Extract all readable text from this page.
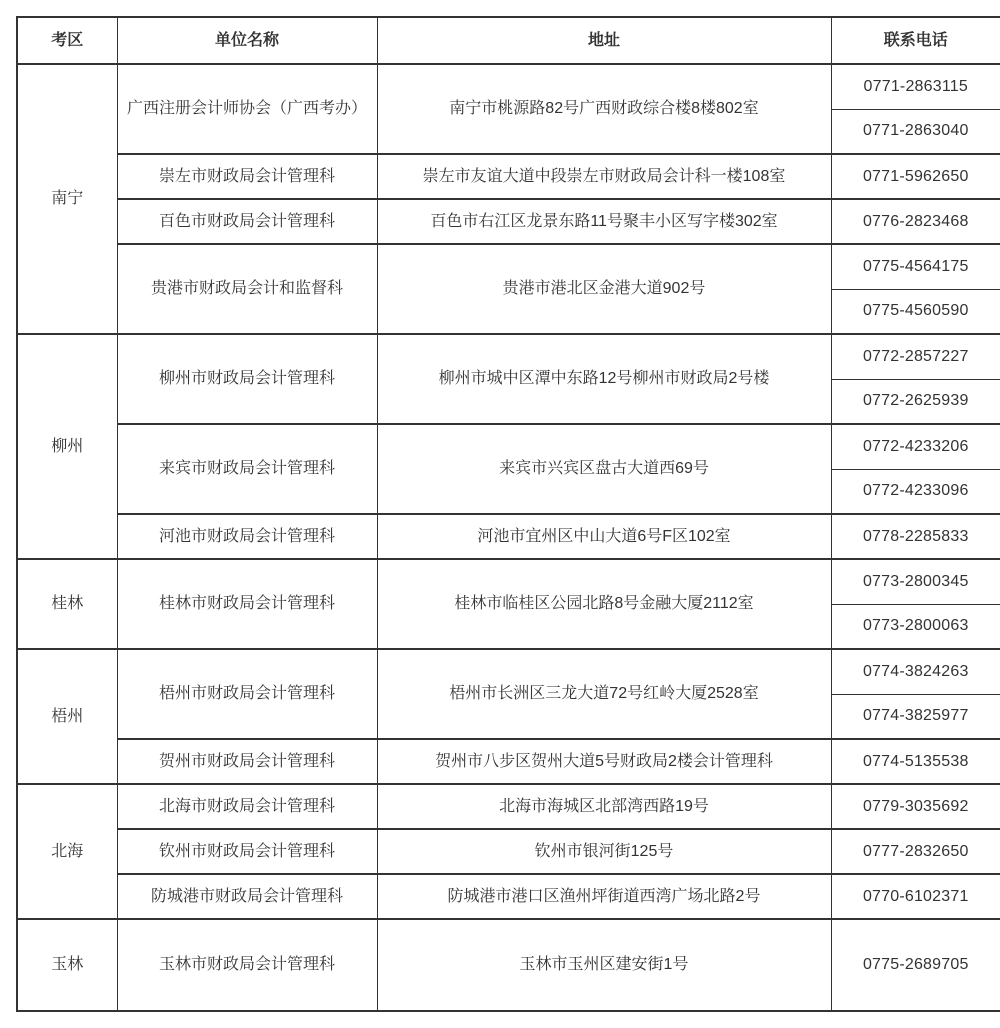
考区	单位名称	地址	联系电话
南宁	广西注册会计师协会（广西考办）	南宁市桃源路82号广西财政综合楼8楼802室	0771-2863115
			0771-2863040
	崇左市财政局会计管理科	崇左市友谊大道中段崇左市财政局会计科一楼108室	0771-5962650
	百色市财政局会计管理科	百色市右江区龙景东路11号聚丰小区写字楼302室	0776-2823468
	贵港市财政局会计和监督科	贵港市港北区金港大道902号	0775-4564175
			0775-4560590
柳州	柳州市财政局会计管理科	柳州市城中区潭中东路12号柳州市财政局2号楼	0772-2857227
			0772-2625939
	来宾市财政局会计管理科	来宾市兴宾区盘古大道西69号	0772-4233206
			0772-4233096
	河池市财政局会计管理科	河池市宜州区中山大道6号F区102室	0778-2285833
桂林	桂林市财政局会计管理科	桂林市临桂区公园北路8号金融大厦2112室	0773-2800345
			0773-2800063
梧州	梧州市财政局会计管理科	梧州市长洲区三龙大道72号红岭大厦2528室	0774-3824263
			0774-3825977
	贺州市财政局会计管理科	贺州市八步区贺州大道5号财政局2楼会计管理科	0774-5135538
北海	北海市财政局会计管理科	北海市海城区北部湾西路19号	0779-3035692
	钦州市财政局会计管理科	钦州市银河街125号	0777-2832650
	防城港市财政局会计管理科	防城港市港口区渔州坪街道西湾广场北路2号	0770-6102371
玉林	玉林市财政局会计管理科	玉林市玉州区建安街1号	0775-2689705
